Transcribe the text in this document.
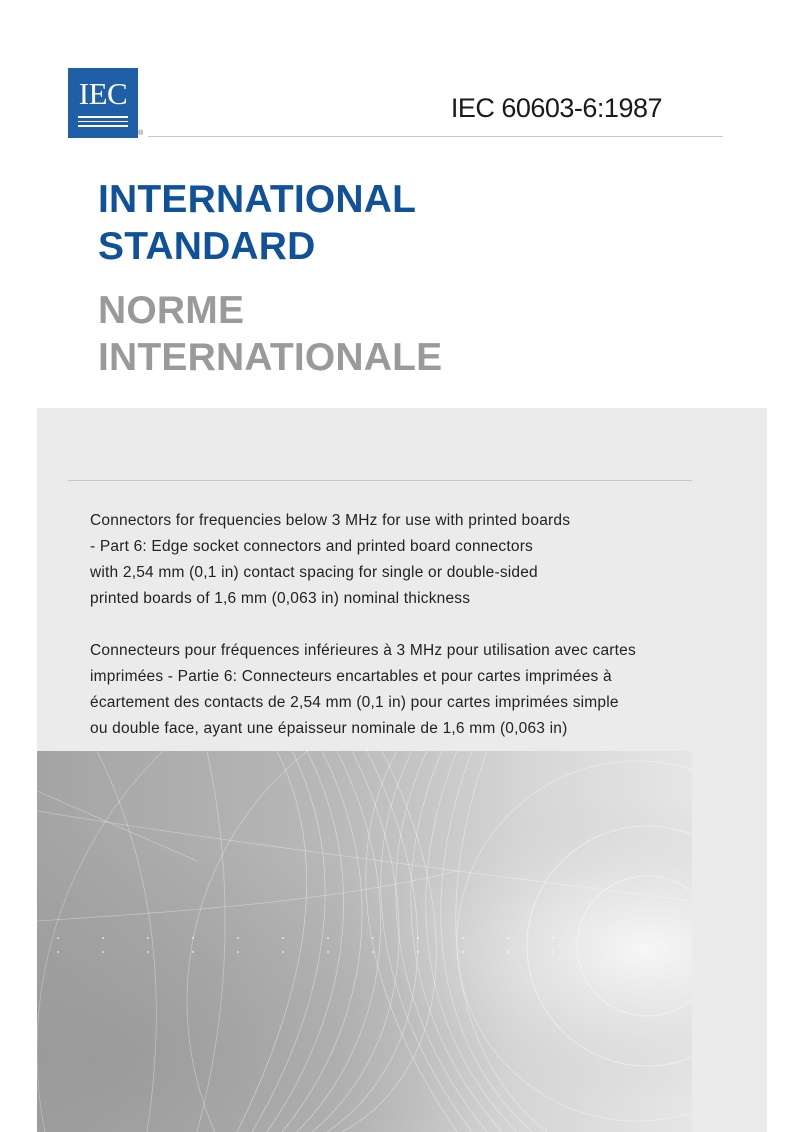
IEC
®
IEC 60603-6:1987
INTERNATIONAL
STANDARD
NORME
INTERNATIONALE

Connectors for frequencies below 3 MHz for use with printed boards
- Part 6: Edge socket connectors and printed board connectors
with 2,54 mm (0,1 in) contact spacing for single or double-sided
printed boards of 1,6 mm (0,063 in) nominal thickness

Connecteurs pour fréquences inférieures à 3 MHz pour utilisation avec cartes
imprimées - Partie 6: Connecteurs encartables et pour cartes imprimées à
écartement des contacts de 2,54 mm (0,1 in) pour cartes imprimées simple
ou double face, ayant une épaisseur nominale de 1,6 mm (0,063 in)
